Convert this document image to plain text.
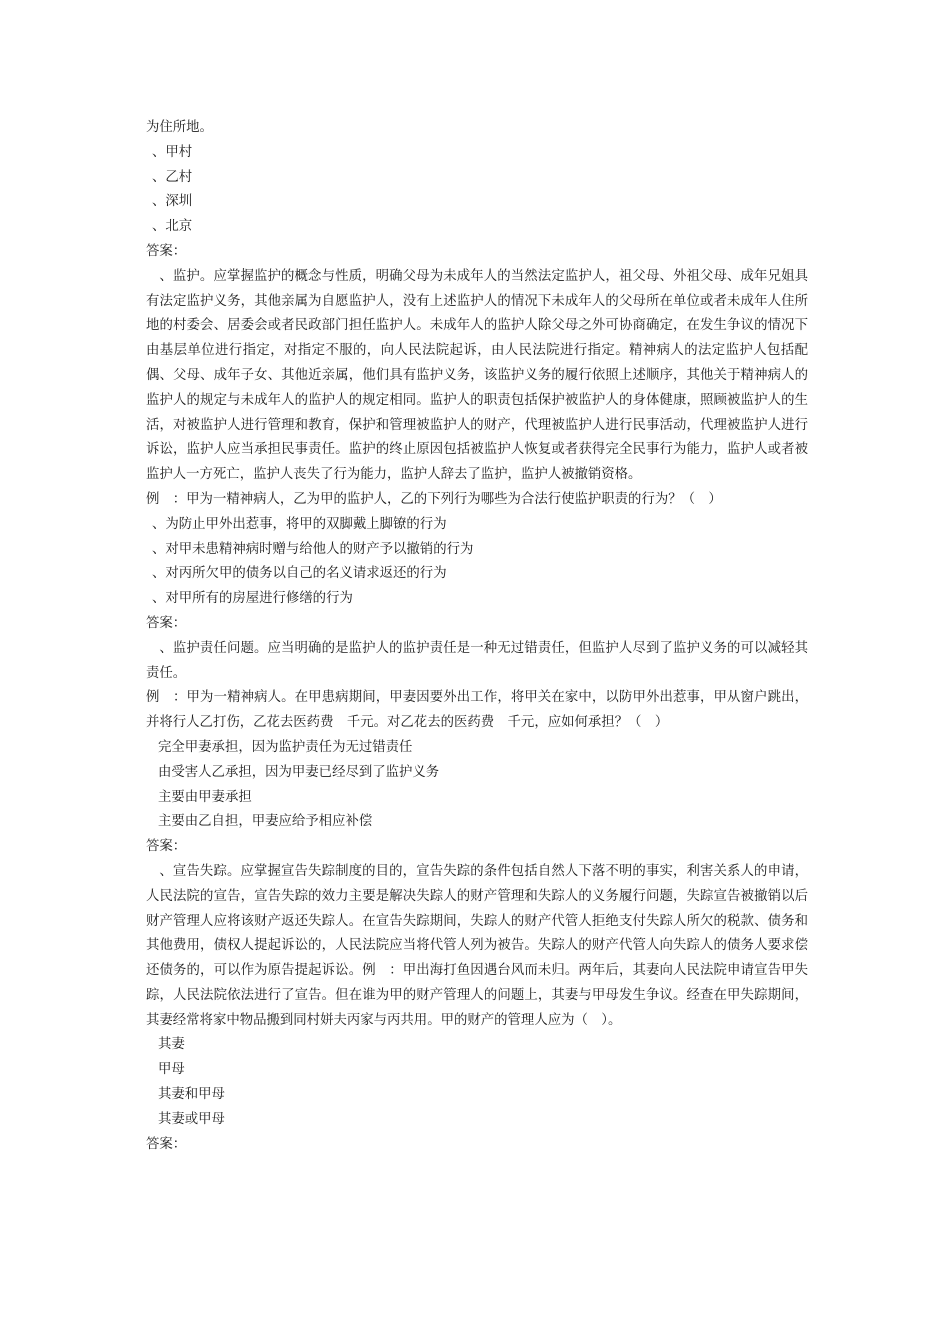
为住所地。
、甲村
、乙村
、深圳
、北京
答案：
、监护。应掌握监护的概念与性质，明确父母为未成年人的当然法定监护人，祖父母、外祖父母、成年兄姐具有法定监护义务，其他亲属为自愿监护人，没有上述监护人的情况下未成年人的父母所在单位或者未成年人住所地的村委会、居委会或者民政部门担任监护人。未成年人的监护人除父母之外可协商确定，在发生争议的情况下由基层单位进行指定，对指定不服的，向人民法院起诉，由人民法院进行指定。精神病人的法定监护人包括配偶、父母、成年子女、其他近亲属，他们具有监护义务，该监护义务的履行依照上述顺序，其他关于精神病人的监护人的规定与未成年人的监护人的规定相同。监护人的职责包括保护被监护人的身体健康，照顾被监护人的生活，对被监护人进行管理和教育，保护和管理被监护人的财产，代理被监护人进行民事活动，代理被监护人进行诉讼，监护人应当承担民事责任。监护的终止原因包括被监护人恢复或者获得完全民事行为能力，监护人或者被监护人一方死亡，监护人丧失了行为能力，监护人辞去了监护，监护人被撤销资格。
例　：甲为一精神病人，乙为甲的监护人，乙的下列行为哪些为合法行使监护职责的行为？（　）
、为防止甲外出惹事，将甲的双脚戴上脚镣的行为
、对甲未患精神病时赠与给他人的财产予以撤销的行为
、对丙所欠甲的债务以自己的名义请求返还的行为
、对甲所有的房屋进行修缮的行为
答案：
、监护责任问题。应当明确的是监护人的监护责任是一种无过错责任，但监护人尽到了监护义务的可以减轻其责任。
例　：甲为一精神病人。在甲患病期间，甲妻因要外出工作，将甲关在家中，以防甲外出惹事，甲从窗户跳出，并将行人乙打伤，乙花去医药费　千元。对乙花去的医药费　千元，应如何承担？（　）
完全甲妻承担，因为监护责任为无过错责任
由受害人乙承担，因为甲妻已经尽到了监护义务
主要由甲妻承担
主要由乙自担，甲妻应给予相应补偿
答案：
、宣告失踪。应掌握宣告失踪制度的目的，宣告失踪的条件包括自然人下落不明的事实，利害关系人的申请，人民法院的宣告，宣告失踪的效力主要是解决失踪人的财产管理和失踪人的义务履行问题，失踪宣告被撤销以后财产管理人应将该财产返还失踪人。在宣告失踪期间，失踪人的财产代管人拒绝支付失踪人所欠的税款、债务和其他费用，债权人提起诉讼的，人民法院应当将代管人列为被告。失踪人的财产代管人向失踪人的债务人要求偿还债务的，可以作为原告提起诉讼。例　：甲出海打鱼因遇台风而未归。两年后，其妻向人民法院申请宣告甲失踪，人民法院依法进行了宣告。但在谁为甲的财产管理人的问题上，其妻与甲母发生争议。经查在甲失踪期间，其妻经常将家中物品搬到同村姘夫丙家与丙共用。甲的财产的管理人应为（　）。
其妻
甲母
其妻和甲母
其妻或甲母
答案：
